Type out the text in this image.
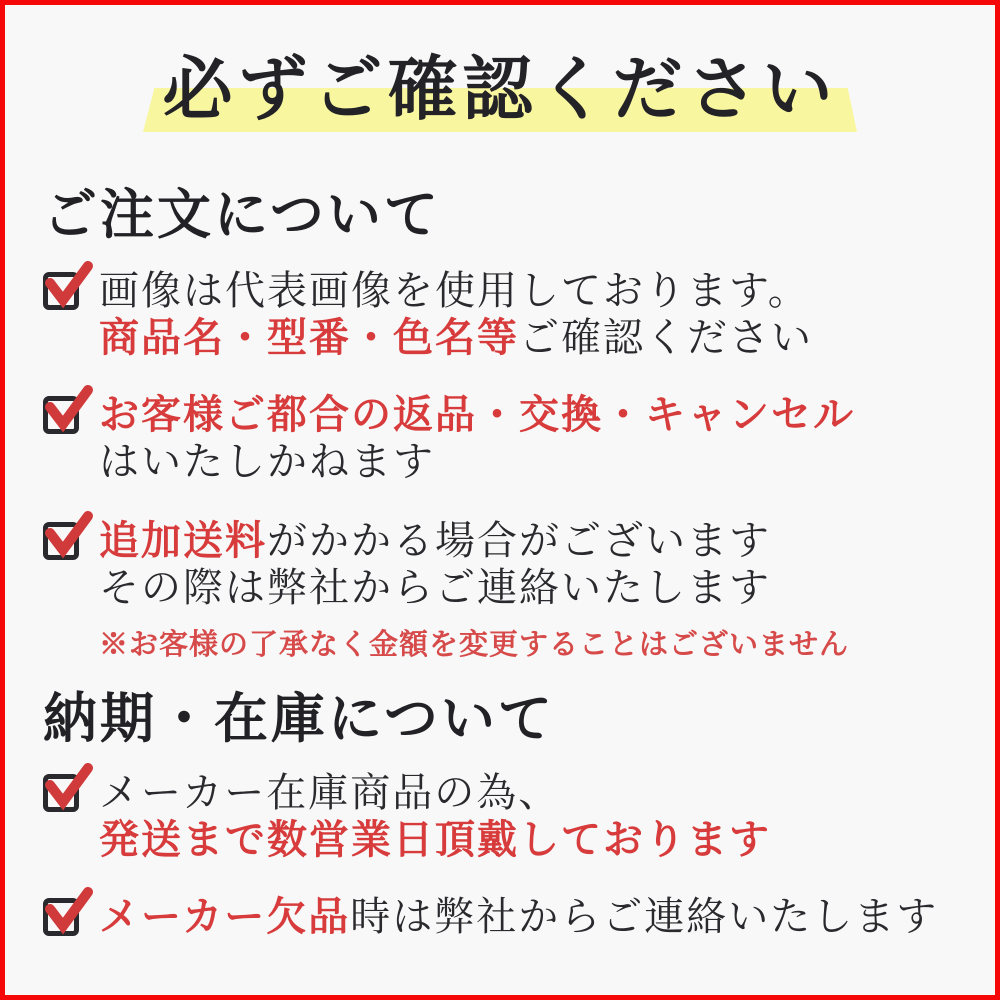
必ずご確認ください
ご注文について

画像は代表画像を使用しております。
商品名・型番・色名等ご確認ください

お客様ご都合の返品・交換・キャンセル
はいたしかねます

追加送料がかかる場合がございます
その際は弊社からご連絡いたします

※お客様の了承なく金額を変更することはございません

納期・在庫について

メーカー在庫商品の為、
発送まで数営業日頂戴しております

メーカー欠品時は弊社からご連絡いたします
